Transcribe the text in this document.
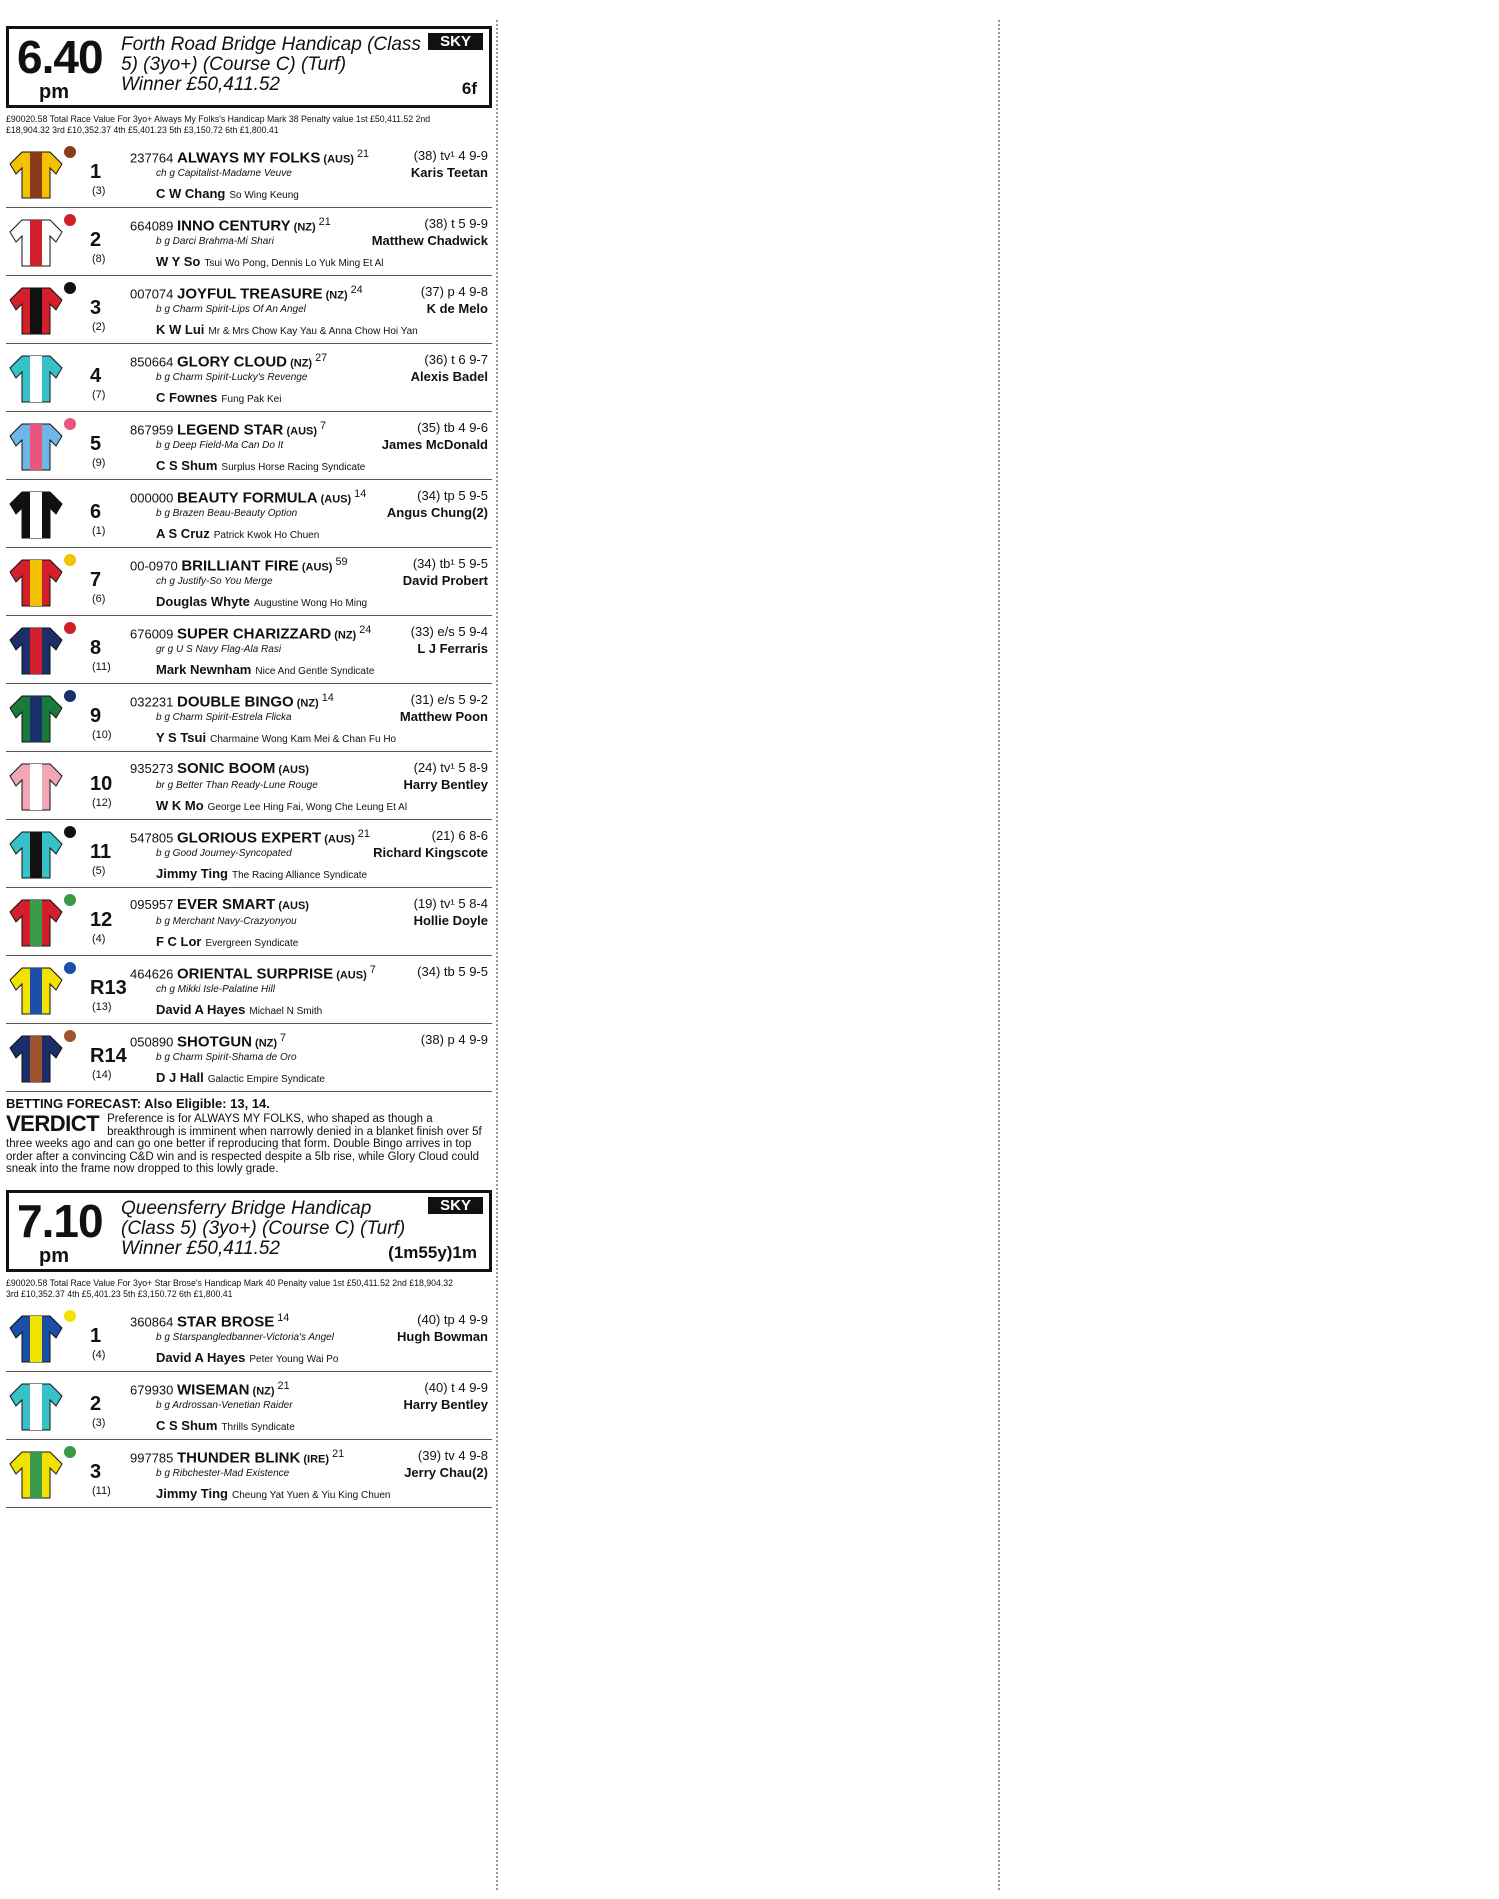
6.40
pm
Forth Road Bridge Handicap (Class 5) (3yo+) (Course C) (Turf)
Winner £50,411.52
SKY
6f
£90020.58 Total Race Value For 3yo+ Always My Folks's Handicap Mark 38 Penalty value 1st £50,411.52 2nd £18,904.32 3rd £10,352.37 4th £5,401.23 5th £3,150.72 6th £1,800.41
1
(3)
237764 ALWAYS MY FOLKS (AUS) $^{21}$	(38) tv¹ 4 9-9
Karis Teetan
ch g Capitalist-Madame Veuve
C W Chang So Wing Keung
2
(8)
664089 INNO CENTURY (NZ) $^{21}$	(38) t 5 9-9
Matthew Chadwick
b g Darci Brahma-Mi Shari
W Y So Tsui Wo Pong, Dennis Lo Yuk Ming Et Al
3
(2)
007074 JOYFUL TREASURE (NZ) $^{24}$	(37) p 4 9-8
K de Melo
b g Charm Spirit-Lips Of An Angel
K W Lui Mr & Mrs Chow Kay Yau & Anna Chow Hoi Yan
4
(7)
850664 GLORY CLOUD (NZ) $^{27}$	(36) t 6 9-7
Alexis Badel
b g Charm Spirit-Lucky's Revenge
C Fownes Fung Pak Kei
5
(9)
867959 LEGEND STAR (AUS) $^7$	(35) tb 4 9-6
James McDonald
b g Deep Field-Ma Can Do It
C S Shum Surplus Horse Racing Syndicate
6
(1)
000000 BEAUTY FORMULA (AUS) $^{14}$	(34) tp 5 9-5
Angus Chung(2)
b g Brazen Beau-Beauty Option
A S Cruz Patrick Kwok Ho Chuen
7
(6)
00-0970 BRILLIANT FIRE (AUS) $^{59}$	(34) tb¹ 5 9-5
David Probert
ch g Justify-So You Merge
Douglas Whyte Augustine Wong Ho Ming
8
(11)
676009 SUPER CHARIZZARD (NZ) $^{24}$	(33) e/s 5 9-4
L J Ferraris
gr g U S Navy Flag-Ala Rasi
Mark Newnham Nice And Gentle Syndicate
9
(10)
032231 DOUBLE BINGO (NZ) $^{14}$	(31) e/s 5 9-2
Matthew Poon
b g Charm Spirit-Estrela Flicka
Y S Tsui Charmaine Wong Kam Mei & Chan Fu Ho
10
(12)
935273 SONIC BOOM (AUS)	(24) tv¹ 5 8-9
Harry Bentley
br g Better Than Ready-Lune Rouge
W K Mo George Lee Hing Fai, Wong Che Leung Et Al
11
(5)
547805 GLORIOUS EXPERT (AUS) $^{21}$	(21) 6 8-6
Richard Kingscote
b g Good Journey-Syncopated
Jimmy Ting The Racing Alliance Syndicate
12
(4)
095957 EVER SMART (AUS)	(19) tv¹ 5 8-4
Hollie Doyle
b g Merchant Navy-Crazyonyou
F C Lor Evergreen Syndicate
R13
(13)
464626 ORIENTAL SURPRISE (AUS) $^7$	(34) tb 5 9-5
ch g Mikki Isle-Palatine Hill
David A Hayes Michael N Smith
R14
(14)
050890 SHOTGUN (NZ) $^7$	(38) p 4 9-9
b g Charm Spirit-Shama de Oro
D J Hall Galactic Empire Syndicate
BETTING FORECAST: Also Eligible: 13, 14.
VERDICT Preference is for ALWAYS MY FOLKS, who shaped as though a breakthrough is imminent when narrowly denied in a blanket finish over 5f three weeks ago and can go one better if reproducing that form. Double Bingo arrives in top order after a convincing C&D win and is respected despite a 5lb rise, while Glory Cloud could sneak into the frame now dropped to this lowly grade.
7.10
pm
Queensferry Bridge Handicap (Class 5) (3yo+) (Course C) (Turf)
Winner £50,411.52
SKY
(1m55y)1m
£90020.58 Total Race Value For 3yo+ Star Brose's Handicap Mark 40 Penalty value 1st £50,411.52 2nd £18,904.32 3rd £10,352.37 4th £5,401.23 5th £3,150.72 6th £1,800.41
1
(4)
360864 STAR BROSE $^{14}$	(40) tp 4 9-9
Hugh Bowman
b g Starspangledbanner-Victoria's Angel
David A Hayes Peter Young Wai Po
2
(3)
679930 WISEMAN (NZ) $^{21}$	(40) t 4 9-9
Harry Bentley
b g Ardrossan-Venetian Raider
C S Shum Thrills Syndicate
3
(11)
997785 THUNDER BLINK (IRE) $^{21}$	(39) tv 4 9-8
Jerry Chau(2)
b g Ribchester-Mad Existence
Jimmy Ting Cheung Yat Yuen & Yiu King Chuen
